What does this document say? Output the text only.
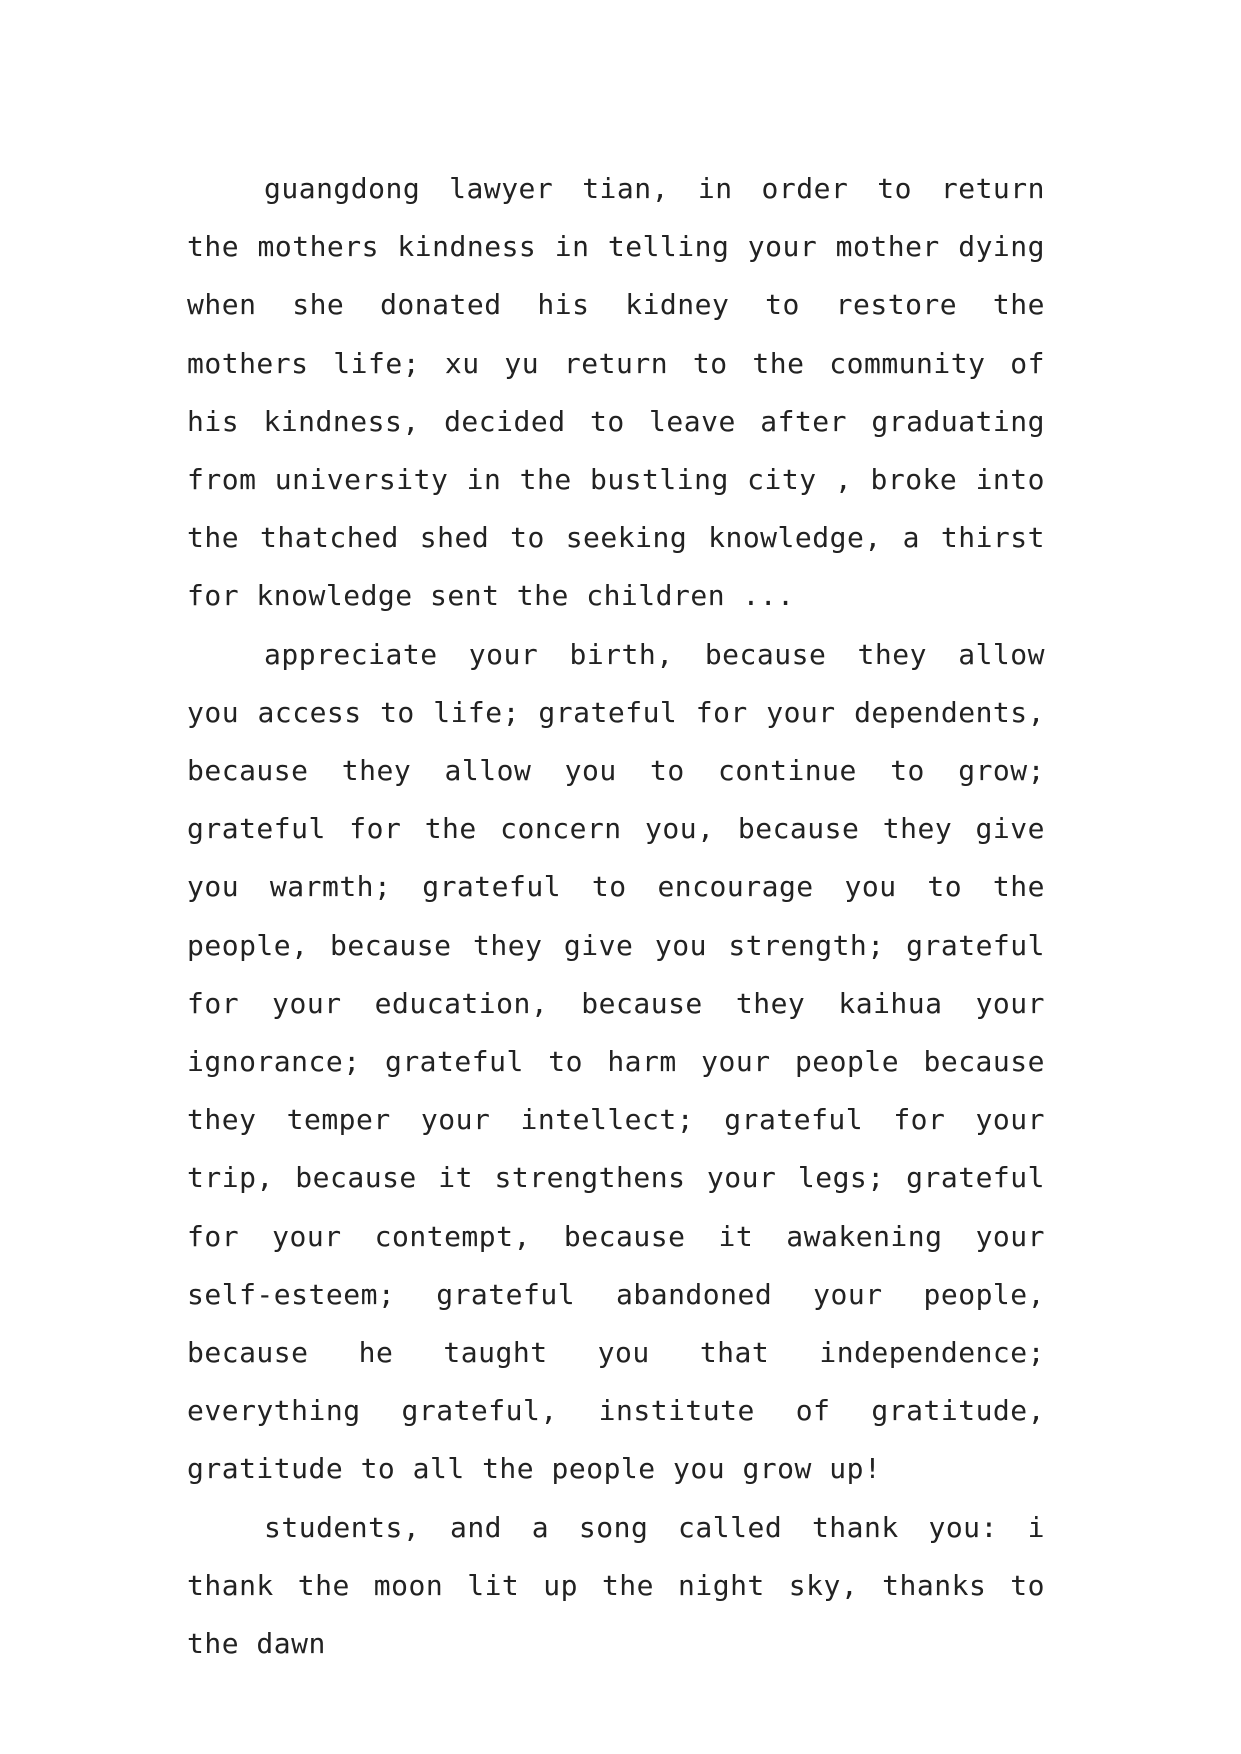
guangdong lawyer tian, in order to return the mothers kindness in telling your mother dying when she donated his kidney to restore the mothers life; xu yu return to the community of his kindness, decided to leave after graduating from university in the bustling city , broke into the thatched shed to seeking knowledge, a thirst for knowledge sent the children ...

appreciate your birth, because they allow you access to life; grateful for your dependents, because they allow you to continue to grow; grateful for the concern you, because they give you warmth; grateful to encourage you to the people, because they give you strength; grateful for your education, because they kaihua your ignorance; grateful to harm your people because they temper your intellect; grateful for your trip, because it strengthens your legs; grateful for your contempt, because it awakening your self-esteem; grateful abandoned your people, because he taught you that independence; everything grateful, institute of gratitude, gratitude to all the people you grow up!

students, and a song called thank you: i thank the moon lit up the night sky, thanks to the dawn
